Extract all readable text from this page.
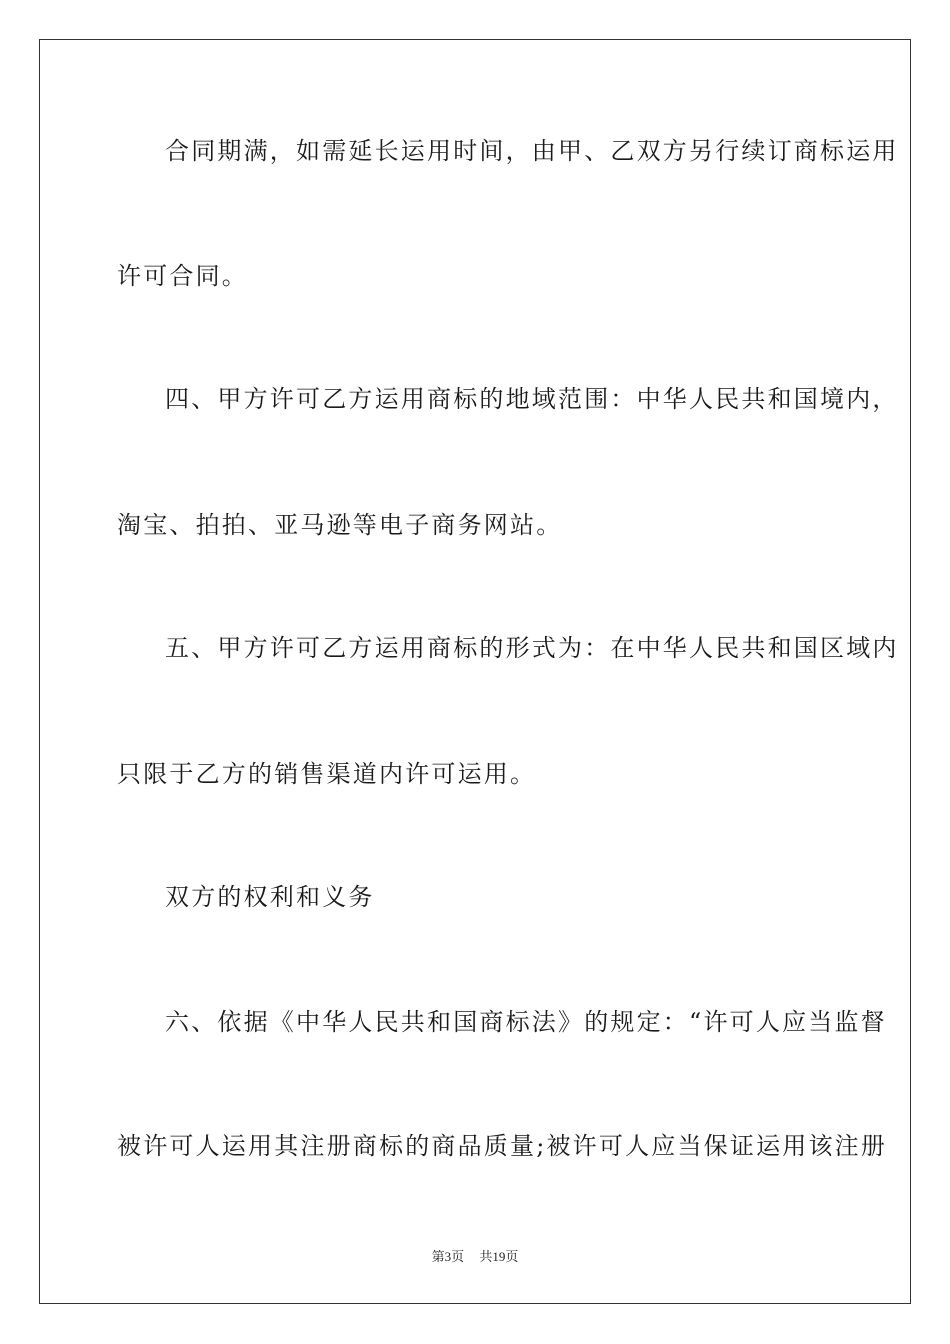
合同期满，如需延长运用时间，由甲、乙双方另行续订商标运用
许可合同。
四、甲方许可乙方运用商标的地域范围：中华人民共和国境内，
淘宝、拍拍、亚马逊等电子商务网站。
五、甲方许可乙方运用商标的形式为：在中华人民共和国区域内
只限于乙方的销售渠道内许可运用。
双方的权利和义务
六、依据《中华人民共和国商标法》的规定：“许可人应当监督
被许可人运用其注册商标的商品质量;被许可人应当保证运用该注册
第3页 共19页
